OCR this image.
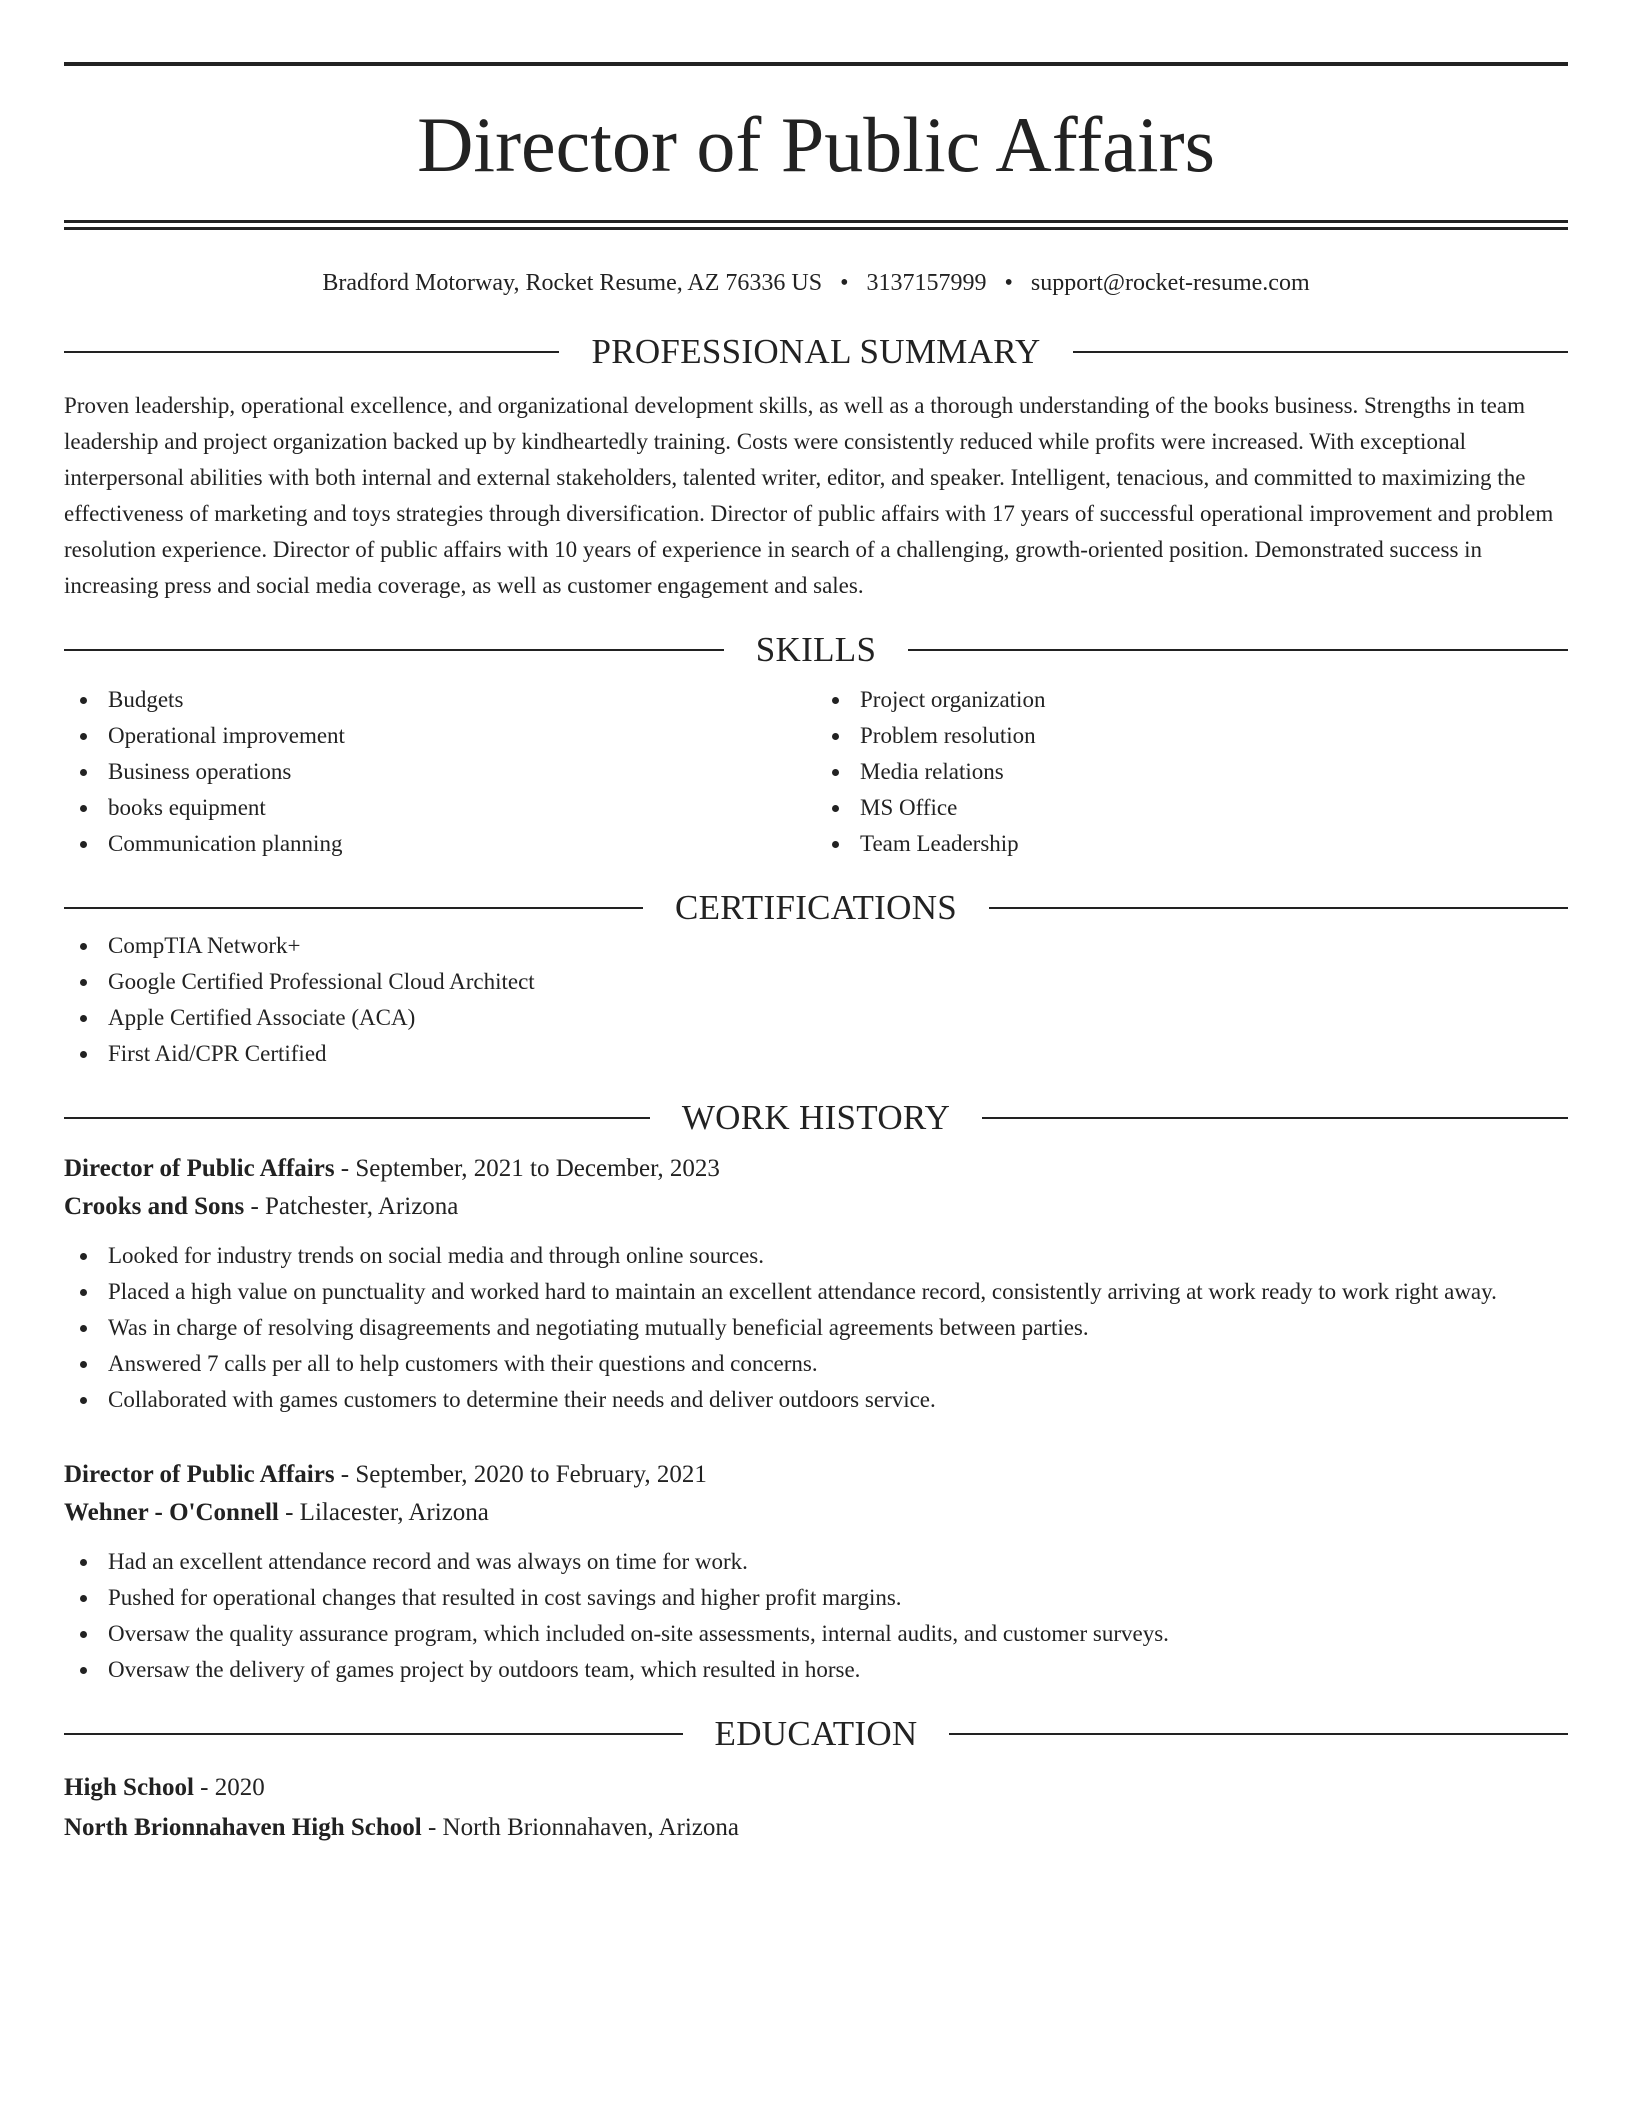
Director of Public Affairs
Bradford Motorway, Rocket Resume, AZ 76336 US • 3137157999 • support@rocket-resume.com
PROFESSIONAL SUMMARY

Proven leadership, operational excellence, and organizational development skills, as well as a thorough understanding of the books business. Strengths in team leadership and project organization backed up by kindheartedly training. Costs were consistently reduced while profits were increased. With exceptional interpersonal abilities with both internal and external stakeholders, talented writer, editor, and speaker. Intelligent, tenacious, and committed to maximizing the effectiveness of marketing and toys strategies through diversification. Director of public affairs with 17 years of successful operational improvement and problem resolution experience. Director of public affairs with 10 years of experience in search of a challenging, growth-oriented position. Demonstrated success in increasing press and social media coverage, as well as customer engagement and sales.

SKILLS
Budgets
Operational improvement
Business operations
books equipment
Communication planning
Project organization
Problem resolution
Media relations
MS Office
Team Leadership
CERTIFICATIONS
CompTIA Network+
Google Certified Professional Cloud Architect
Apple Certified Associate (ACA)
First Aid/CPR Certified
WORK HISTORY
Director of Public Affairs - September, 2021 to December, 2023
Crooks and Sons - Patchester, Arizona
Looked for industry trends on social media and through online sources.
Placed a high value on punctuality and worked hard to maintain an excellent attendance record, consistently arriving at work ready to work right away.
Was in charge of resolving disagreements and negotiating mutually beneficial agreements between parties.
Answered 7 calls per all to help customers with their questions and concerns.
Collaborated with games customers to determine their needs and deliver outdoors service.
Director of Public Affairs - September, 2020 to February, 2021
Wehner - O'Connell - Lilacester, Arizona
Had an excellent attendance record and was always on time for work.
Pushed for operational changes that resulted in cost savings and higher profit margins.
Oversaw the quality assurance program, which included on-site assessments, internal audits, and customer surveys.
Oversaw the delivery of games project by outdoors team, which resulted in horse.
EDUCATION
High School - 2020
North Brionnahaven High School - North Brionnahaven, Arizona
